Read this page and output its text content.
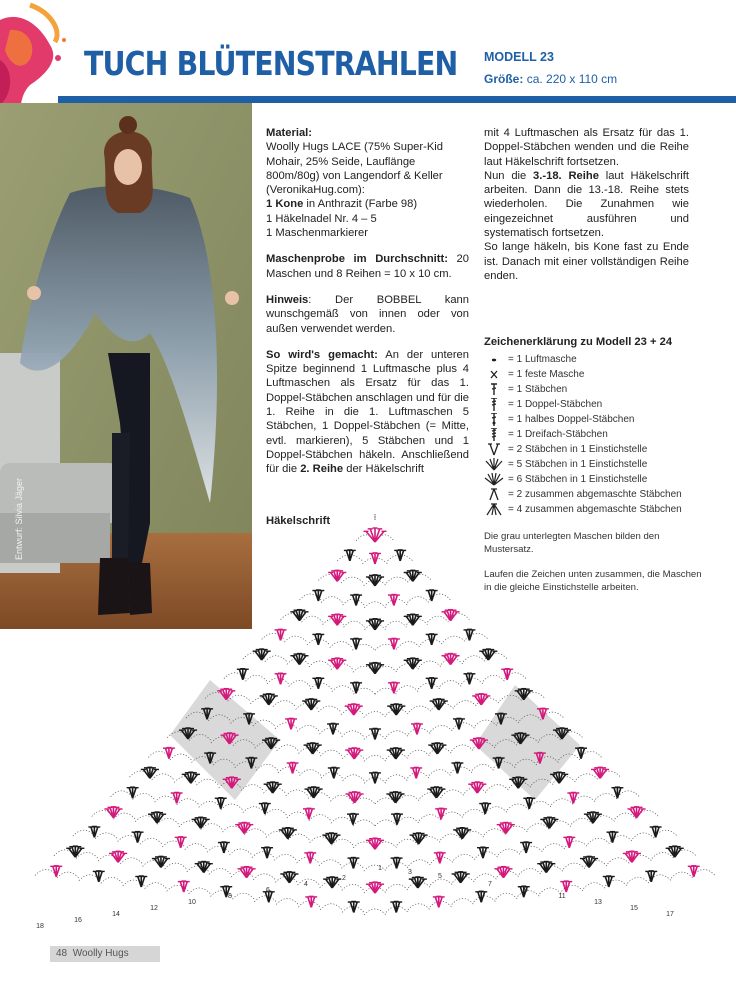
TUCH BLÜTENSTRAHLEN MODELL 23
Größe: ca. 220 x 110 cm
Entwurf: Silvia Jäger

Material:
Woolly Hugs LACE (75% Super-Kid Mohair, 25% Seide, Lauflänge 800m/80g) von Langendorf & Keller (VeronikaHug.com):
1 Kone in Anthrazit (Farbe 98)
1 Häkelnadel Nr. 4 – 5
1 Maschenmarkierer

Maschenprobe im Durchschnitt: 20 Maschen und 8 Reihen = 10 x 10 cm.

Hinweis: Der BOBBEL kann wunschgemäß von innen oder von außen verwendet werden.

So wird's gemacht: An der unteren Spitze beginnend 1 Luftmasche plus 4 Luftmaschen als Ersatz für das 1. Doppel-Stäbchen anschlagen und für die 1. Reihe in die 1. Luftmaschen 5 Stäbchen, 1 Doppel-Stäbchen (= Mitte, evtl. markieren), 5 Stäbchen und 1 Doppel-Stäbchen häkeln. Anschließend für die 2. Reihe der Häkelschrift

Häkelschrift

mit 4 Luftmaschen als Ersatz für das 1. Doppel-Stäbchen wenden und die Reihe laut Häkelschrift fortsetzen.

Nun die 3.-18. Reihe laut Häkelschrift arbeiten. Dann die 13.-18. Reihe stets wiederholen. Die Zunahmen wie eingezeichnet ausführen und systematisch fortsetzen.

So lange häkeln, bis Kone fast zu Ende ist. Danach mit einer vollständigen Reihe enden.

Zeichenerklärung zu Modell 23 + 24
= 1 Luftmasche
= 1 feste Masche
= 1 Stäbchen
= 1 Doppel-Stäbchen
= 1 halbes Doppel-Stäbchen
= 1 Dreifach-Stäbchen
= 2 Stäbchen in 1 Einstichstelle
= 5 Stäbchen in 1 Einstichstelle
= 6 Stäbchen in 1 Einstichstelle
= 2 zusammen abgemaschte Stäbchen
= 4 zusammen abgemaschte Stäbchen

Die grau unterlegten Maschen bilden den Mustersatz.

Laufen die Zeichen unten zusammen, die Maschen in die gleiche Einstichstelle arbeiten.

18
16
14
12
10
8
6
4
2
1
3
5
7
9
11
13
15
17
48 Woolly Hugs
